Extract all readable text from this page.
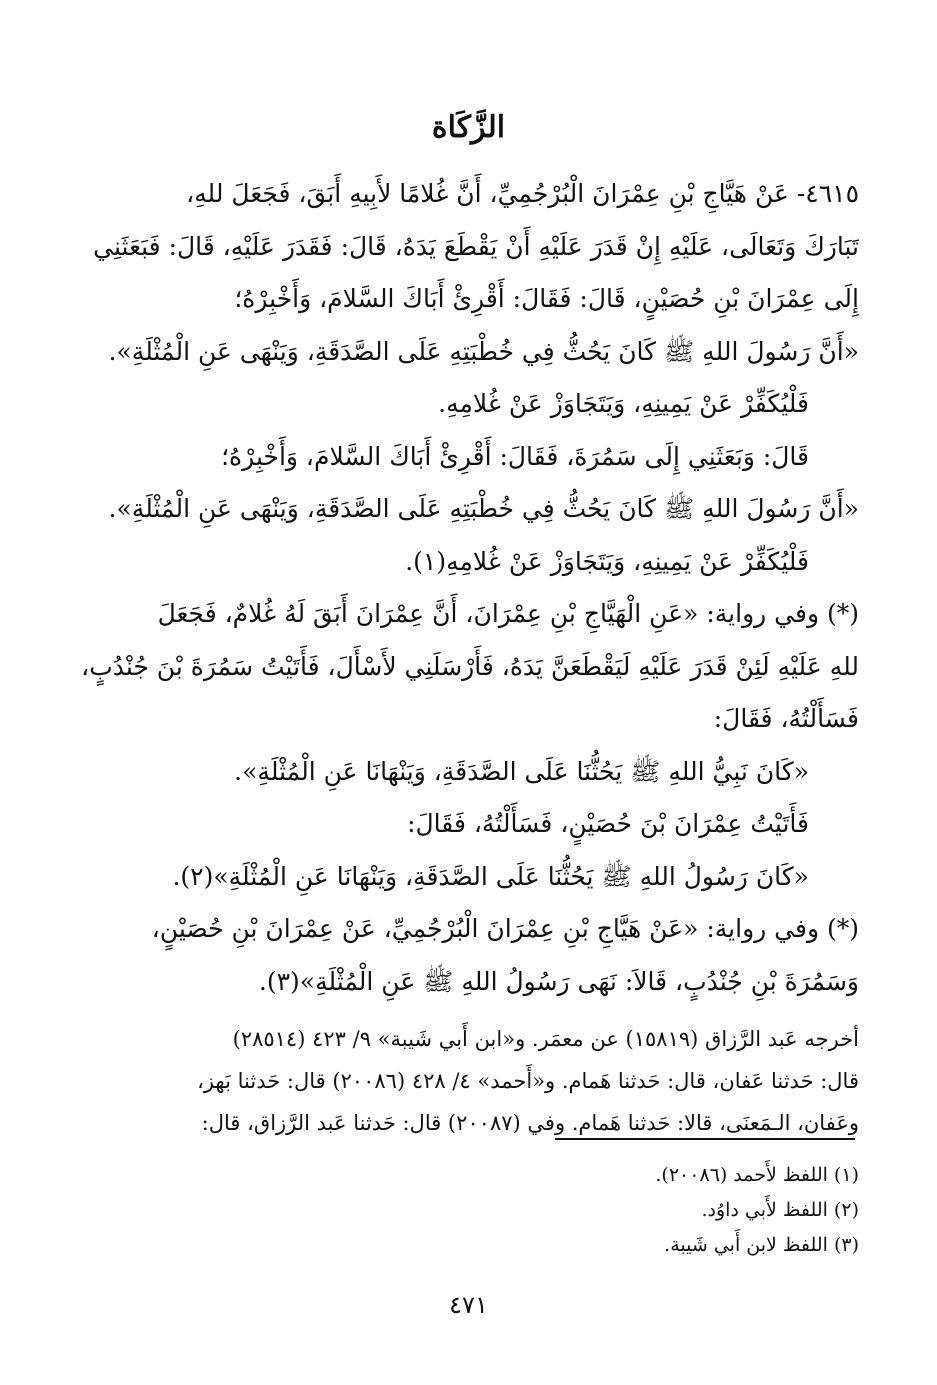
الزَّكَاة
٤٦١٥- عَنْ هَيَّاجِ بْنِ عِمْرَانَ الْبُرْجُمِيِّ، أَنَّ غُلامًا لأَبِيهِ أَبَقَ، فَجَعَلَ للهِ،
تَبَارَكَ وَتَعَالَى، عَلَيْهِ إِنْ قَدَرَ عَلَيْهِ أَنْ يَقْطَعَ يَدَهُ، قَالَ: فَقَدَرَ عَلَيْهِ، قَالَ: فَبَعَثَنِي
إِلَى عِمْرَانَ بْنِ حُصَيْنٍ، قَالَ: فَقَالَ: أَقْرِئْ أَبَاكَ السَّلامَ، وَأَخْبِرْهُ؛
«أَنَّ رَسُولَ اللهِ ﷺ كَانَ يَحُثُّ فِي خُطْبَتِهِ عَلَى الصَّدَقَةِ، وَيَنْهَى عَنِ الْمُثْلَةِ».
فَلْيُكَفِّرْ عَنْ يَمِينِهِ، وَيَتَجَاوَزْ عَنْ غُلامِهِ.
قَالَ: وَبَعَثَنِي إِلَى سَمُرَةَ، فَقَالَ: أَقْرِئْ أَبَاكَ السَّلامَ، وَأَخْبِرْهُ؛
«أَنَّ رَسُولَ اللهِ ﷺ كَانَ يَحُثُّ فِي خُطْبَتِهِ عَلَى الصَّدَقَةِ، وَيَنْهَى عَنِ الْمُثْلَةِ».
فَلْيُكَفِّرْ عَنْ يَمِينِهِ، وَيَتَجَاوَزْ عَنْ غُلامِهِ(١).
(*) وفي رواية: «عَنِ الْهَيَّاجِ بْنِ عِمْرَانَ، أَنَّ عِمْرَانَ أَبَقَ لَهُ غُلامٌ، فَجَعَلَ
للهِ عَلَيْهِ لَئِنْ قَدَرَ عَلَيْهِ لَيَقْطَعَنَّ يَدَهُ، فَأَرْسَلَنِي لأَسْأَلَ، فَأَتَيْتُ سَمُرَةَ بْنَ جُنْدُبٍ،
فَسَأَلْتُهُ، فَقَالَ:
«كَانَ نَبِيُّ اللهِ ﷺ يَحُثُّنَا عَلَى الصَّدَقَةِ، وَيَنْهَانَا عَنِ الْمُثْلَةِ».
فَأَتَيْتُ عِمْرَانَ بْنَ حُصَيْنٍ، فَسَأَلْتُهُ، فَقَالَ:
«كَانَ رَسُولُ اللهِ ﷺ يَحُثُّنَا عَلَى الصَّدَقَةِ، وَيَنْهَانَا عَنِ الْمُثْلَةِ»(٢).
(*) وفي رواية: «عَنْ هَيَّاجِ بْنِ عِمْرَانَ الْبُرْجُمِيِّ، عَنْ عِمْرَانَ بْنِ حُصَيْنٍ،
وَسَمُرَةَ بْنِ جُنْدُبٍ، قَالاَ: نَهَى رَسُولُ اللهِ ﷺ عَنِ الْمُثْلَةِ»(٣).
أخرجه عَبد الرَّزاق (١٥٨١٩) عن معمَر. و«ابن أَبي شَيبة» ٩/ ٤٢٣ (٢٨٥١٤)
قال: حَدثنا عَفان، قال: حَدثنا هَمام. و«أَحمد» ٤/ ٤٢٨ (٢٠٠٨٦) قال: حَدثنا بَهز،
وعَفان، الـمَعنَى، قالا: حَدثنا هَمام. وفي (٢٠٠٨٧) قال: حَدثنا عَبد الرَّزاق، قال:
(١) اللفظ لأَحمد (٢٠٠٨٦).
(٢) اللفظ لأَبي داوُد.
(٣) اللفظ لابن أَبي شَيبة.
٤٧١
